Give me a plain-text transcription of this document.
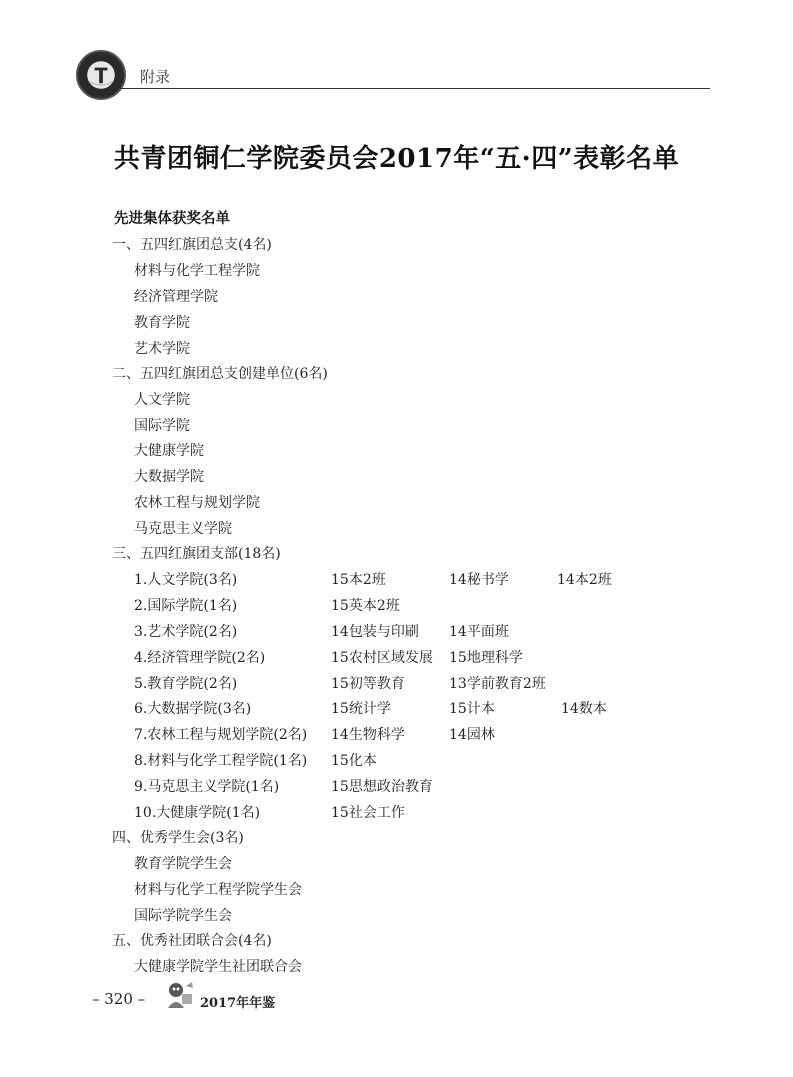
附录
共青团铜仁学院委员会2017年“五·四”表彰名单
先进集体获奖名单
一、五四红旗团总支(4名)
材料与化学工程学院
经济管理学院
教育学院
艺术学院
二、五四红旗团总支创建单位(6名)
人文学院
国际学院
大健康学院
大数据学院
农林工程与规划学院
马克思主义学院
三、五四红旗团支部(18名)
1.人文学院(3名)	15本2班	14秘书学	14本2班
2.国际学院(1名)	15英本2班
3.艺术学院(2名)	14包装与印刷 14平面班
4.经济管理学院(2名)	15农村区域发展 15地理科学
5.教育学院(2名)	15初等教育	13学前教育2班
6.大数据学院(3名)	15统计学	15计本	14数本
7.农林工程与规划学院(2名) 14生物科学	14园林
8.材料与化学工程学院(1名) 15化本
9.马克思主义学院(1名)	15思想政治教育
10.大健康学院(1名)	15社会工作
四、优秀学生会(3名)
教育学院学生会
材料与化学工程学院学生会
国际学院学生会
五、优秀社团联合会(4名)
大健康学院学生社团联合会
– 320 –	2017年年鉴
